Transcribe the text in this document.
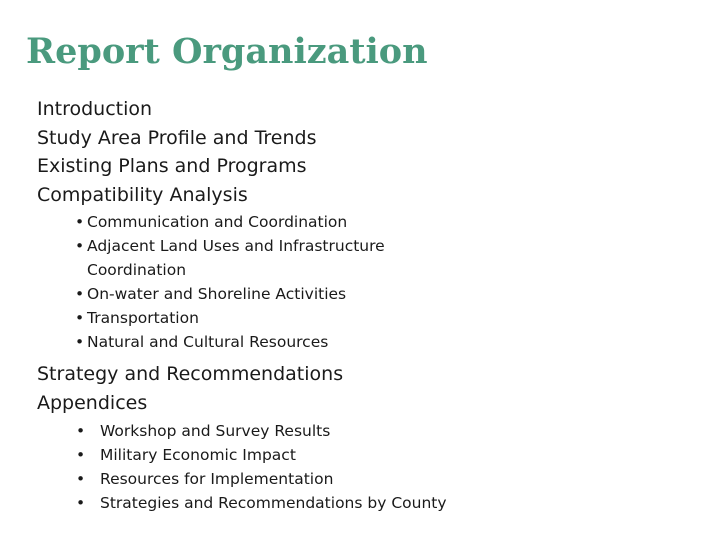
Report Organization
Introduction
Study Area Profile and Trends
Existing Plans and Programs
Compatibility Analysis
• Communication and Coordination
• Adjacent Land Uses and Infrastructure Coordination
• On-water and Shoreline Activities
• Transportation
• Natural and Cultural Resources
Strategy and Recommendations
Appendices
• Workshop and Survey Results
• Military Economic Impact
• Resources for Implementation
• Strategies and Recommendations by County
